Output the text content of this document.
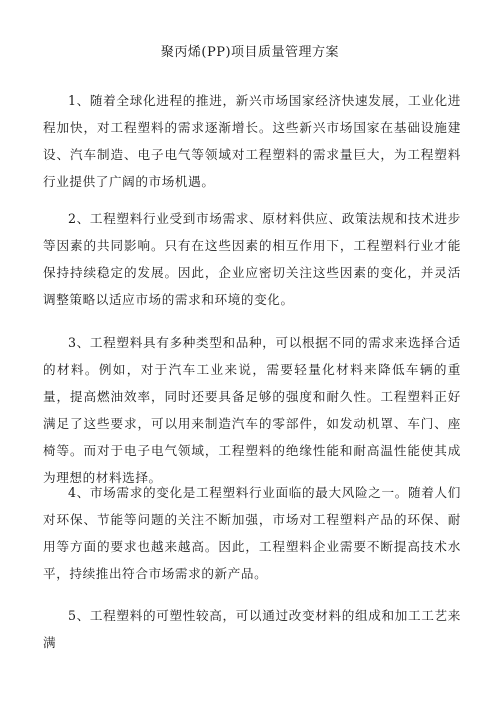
聚丙烯(PP)项目质量管理方案

1、随着全球化进程的推进，新兴市场国家经济快速发展，工业化进程加快，对工程塑料的需求逐渐增长。这些新兴市场国家在基础设施建设、汽车制造、电子电气等领域对工程塑料的需求量巨大，为工程塑料行业提供了广阔的市场机遇。

2、工程塑料行业受到市场需求、原材料供应、政策法规和技术进步等因素的共同影响。只有在这些因素的相互作用下，工程塑料行业才能保持持续稳定的发展。因此，企业应密切关注这些因素的变化，并灵活调整策略以适应市场的需求和环境的变化。

3、工程塑料具有多种类型和品种，可以根据不同的需求来选择合适的材料。例如，对于汽车工业来说，需要轻量化材料来降低车辆的重量，提高燃油效率，同时还要具备足够的强度和耐久性。工程塑料正好满足了这些要求，可以用来制造汽车的零部件，如发动机罩、车门、座椅等。而对于电子电气领域，工程塑料的绝缘性能和耐高温性能使其成为理想的材料选择。

4、市场需求的变化是工程塑料行业面临的最大风险之一。随着人们对环保、节能等问题的关注不断加强，市场对工程塑料产品的环保、耐用等方面的要求也越来越高。因此，工程塑料企业需要不断提高技术水平，持续推出符合市场需求的新产品。

5、工程塑料的可塑性较高，可以通过改变材料的组成和加工工艺来满
